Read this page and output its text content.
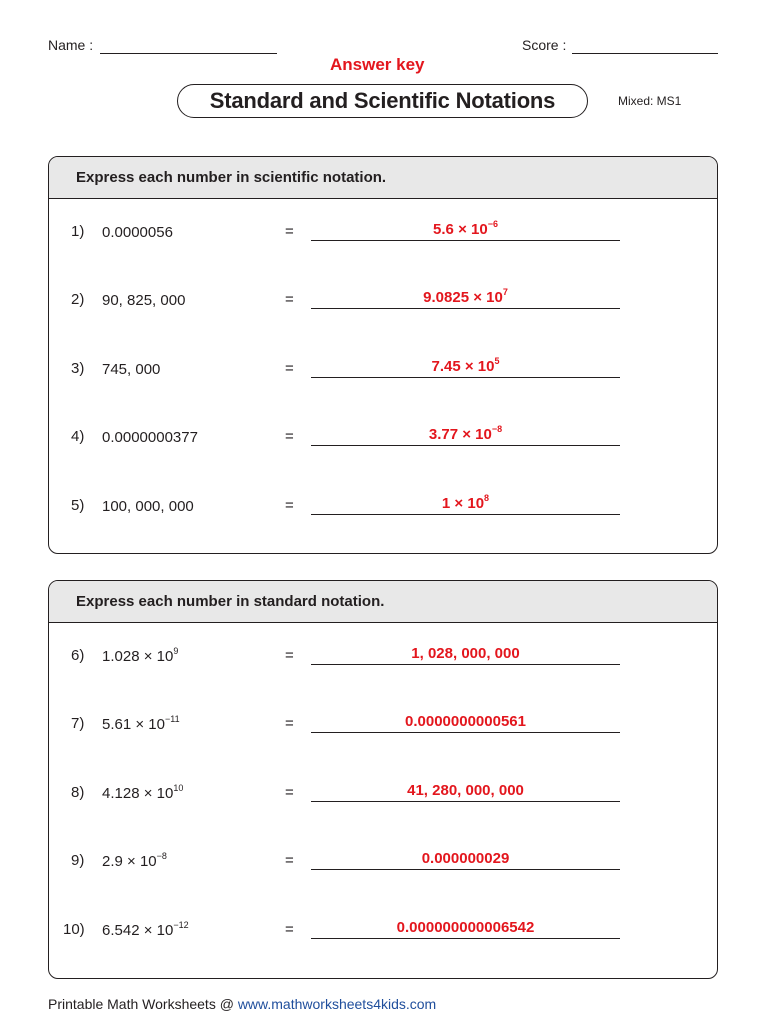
Name :	Score :
Answer key
Standard and Scientific Notations	Mixed: MS1
Express each number in scientific notation.
1) 0.0000056	=	$5.6 \times 10^{-6}$
2) 90, 825, 000	=	$9.0825 \times 10^7$
3) 745, 000	=	$7.45 \times 10^5$
4) 0.0000000377	=	$3.77 \times 10^{-8}$
5) 100, 000, 000	=	$1 \times 10^8$
Express each number in standard notation.
6) $1.028 \times 10^9$	=	1, 028, 000, 000
7) $5.61 \times 10^{-11}$	=	0.0000000000561
8) $4.128 \times 10^{10}$	=	41, 280, 000, 000
9) $2.9 \times 10^{-8}$	=	0.000000029
10) $6.542 \times 10^{-12}$	=	0.000000000006542
Printable Math Worksheets @ www.mathworksheets4kids.com
